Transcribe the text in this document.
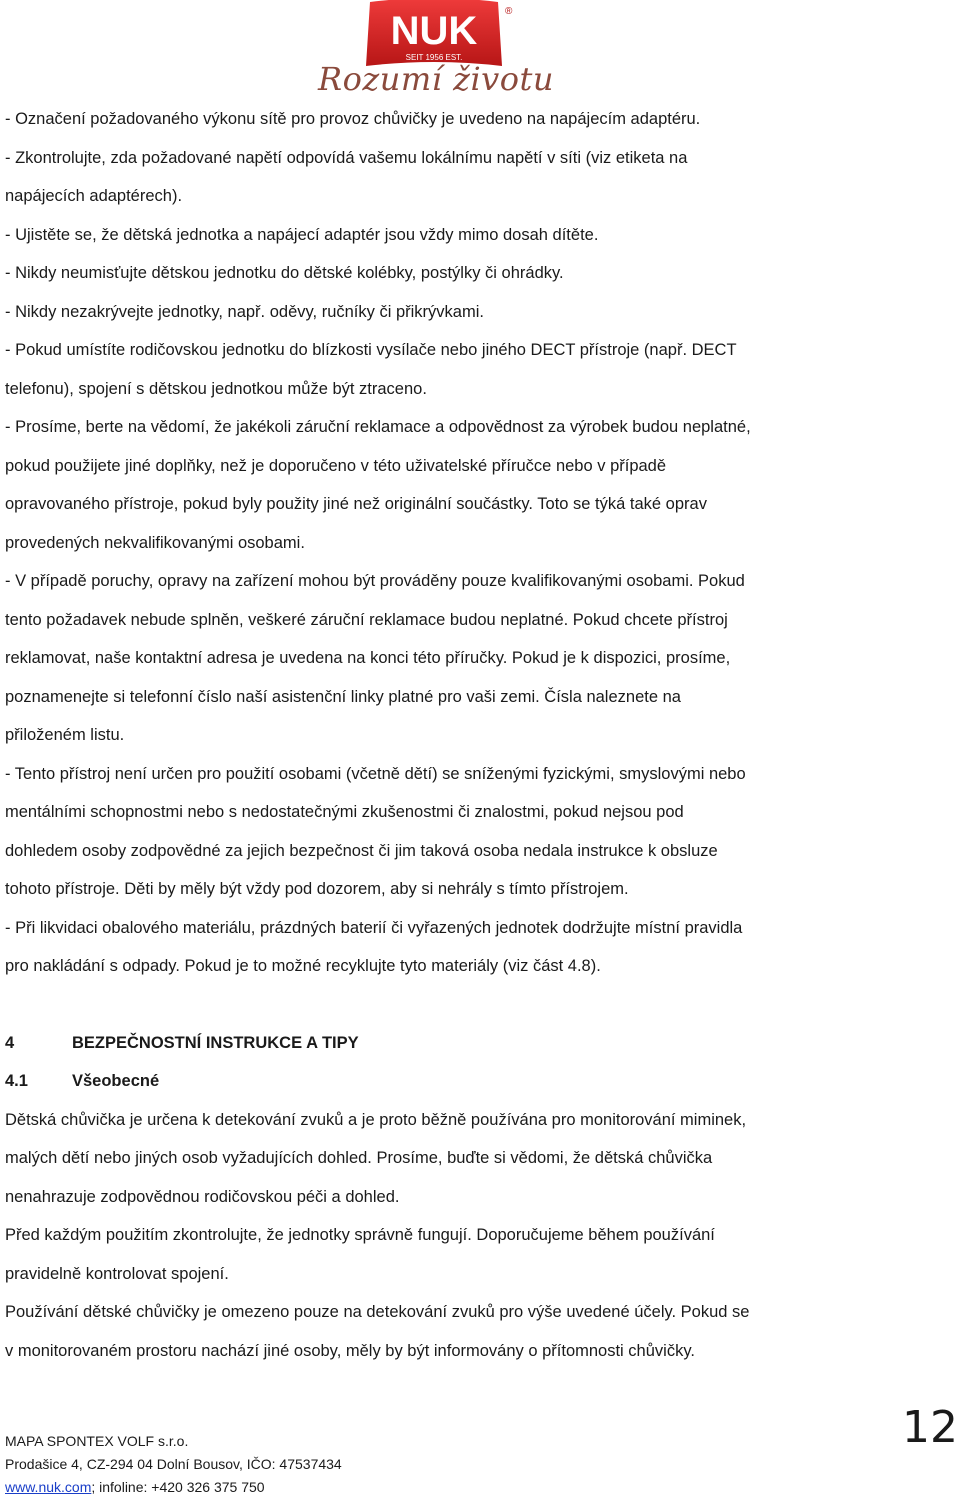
NUK	®
SEIT 1956 EST.
Rozumí životu
- Označení požadovaného výkonu sítě pro provoz chůvičky je uvedeno na napájecím adaptéru.
- Zkontrolujte, zda požadované napětí odpovídá vašemu lokálnímu napětí v síti (viz etiketa na
napájecích adaptérech).
- Ujistěte se, že dětská jednotka a napájecí adaptér jsou vždy mimo dosah dítěte.
- Nikdy neumisťujte dětskou jednotku do dětské kolébky, postýlky či ohrádky.
- Nikdy nezakrývejte jednotky, např. oděvy, ručníky či přikrývkami.
- Pokud umístíte rodičovskou jednotku do blízkosti vysílače nebo jiného DECT přístroje (např. DECT
telefonu), spojení s dětskou jednotkou může být ztraceno.
- Prosíme, berte na vědomí, že jakékoli záruční reklamace a odpovědnost za výrobek budou neplatné,
pokud použijete jiné doplňky, než je doporučeno v této uživatelské příručce nebo v případě
opravovaného přístroje, pokud byly použity jiné než originální součástky. Toto se týká také oprav
provedených nekvalifikovanými osobami.
- V případě poruchy, opravy na zařízení mohou být prováděny pouze kvalifikovanými osobami. Pokud
tento požadavek nebude splněn, veškeré záruční reklamace budou neplatné. Pokud chcete přístroj
reklamovat, naše kontaktní adresa je uvedena na konci této příručky. Pokud je k dispozici, prosíme,
poznamenejte si telefonní číslo naší asistenční linky platné pro vaši zemi. Čísla naleznete na
přiloženém listu.
- Tento přístroj není určen pro použití osobami (včetně dětí) se sníženými fyzickými, smyslovými nebo
mentálními schopnostmi nebo s nedostatečnými zkušenostmi či znalostmi, pokud nejsou pod
dohledem osoby zodpovědné za jejich bezpečnost či jim taková osoba nedala instrukce k obsluze
tohoto přístroje. Děti by měly být vždy pod dozorem, aby si nehrály s tímto přístrojem.
- Při likvidaci obalového materiálu, prázdných baterií či vyřazených jednotek dodržujte místní pravidla
pro nakládání s odpady. Pokud je to možné recyklujte tyto materiály (viz část 4.8).
4	BEZPEČNOSTNÍ INSTRUKCE A TIPY
4.1	Všeobecné
Dětská chůvička je určena k detekování zvuků a je proto běžně používána pro monitorování miminek,
malých dětí nebo jiných osob vyžadujících dohled. Prosíme, buďte si vědomi, že dětská chůvička
nenahrazuje zodpovědnou rodičovskou péči a dohled.
Před každým použitím zkontrolujte, že jednotky správně fungují. Doporučujeme během používání
pravidelně kontrolovat spojení.
Používání dětské chůvičky je omezeno pouze na detekování zvuků pro výše uvedené účely. Pokud se
v monitorovaném prostoru nachází jiné osoby, měly by být informovány o přítomnosti chůvičky.
MAPA SPONTEX VOLF s.r.o.
Prodašice 4, CZ-294 04 Dolní Bousov, IČO: 47537434
www.nuk.com; infoline: +420 326 375 750
12
